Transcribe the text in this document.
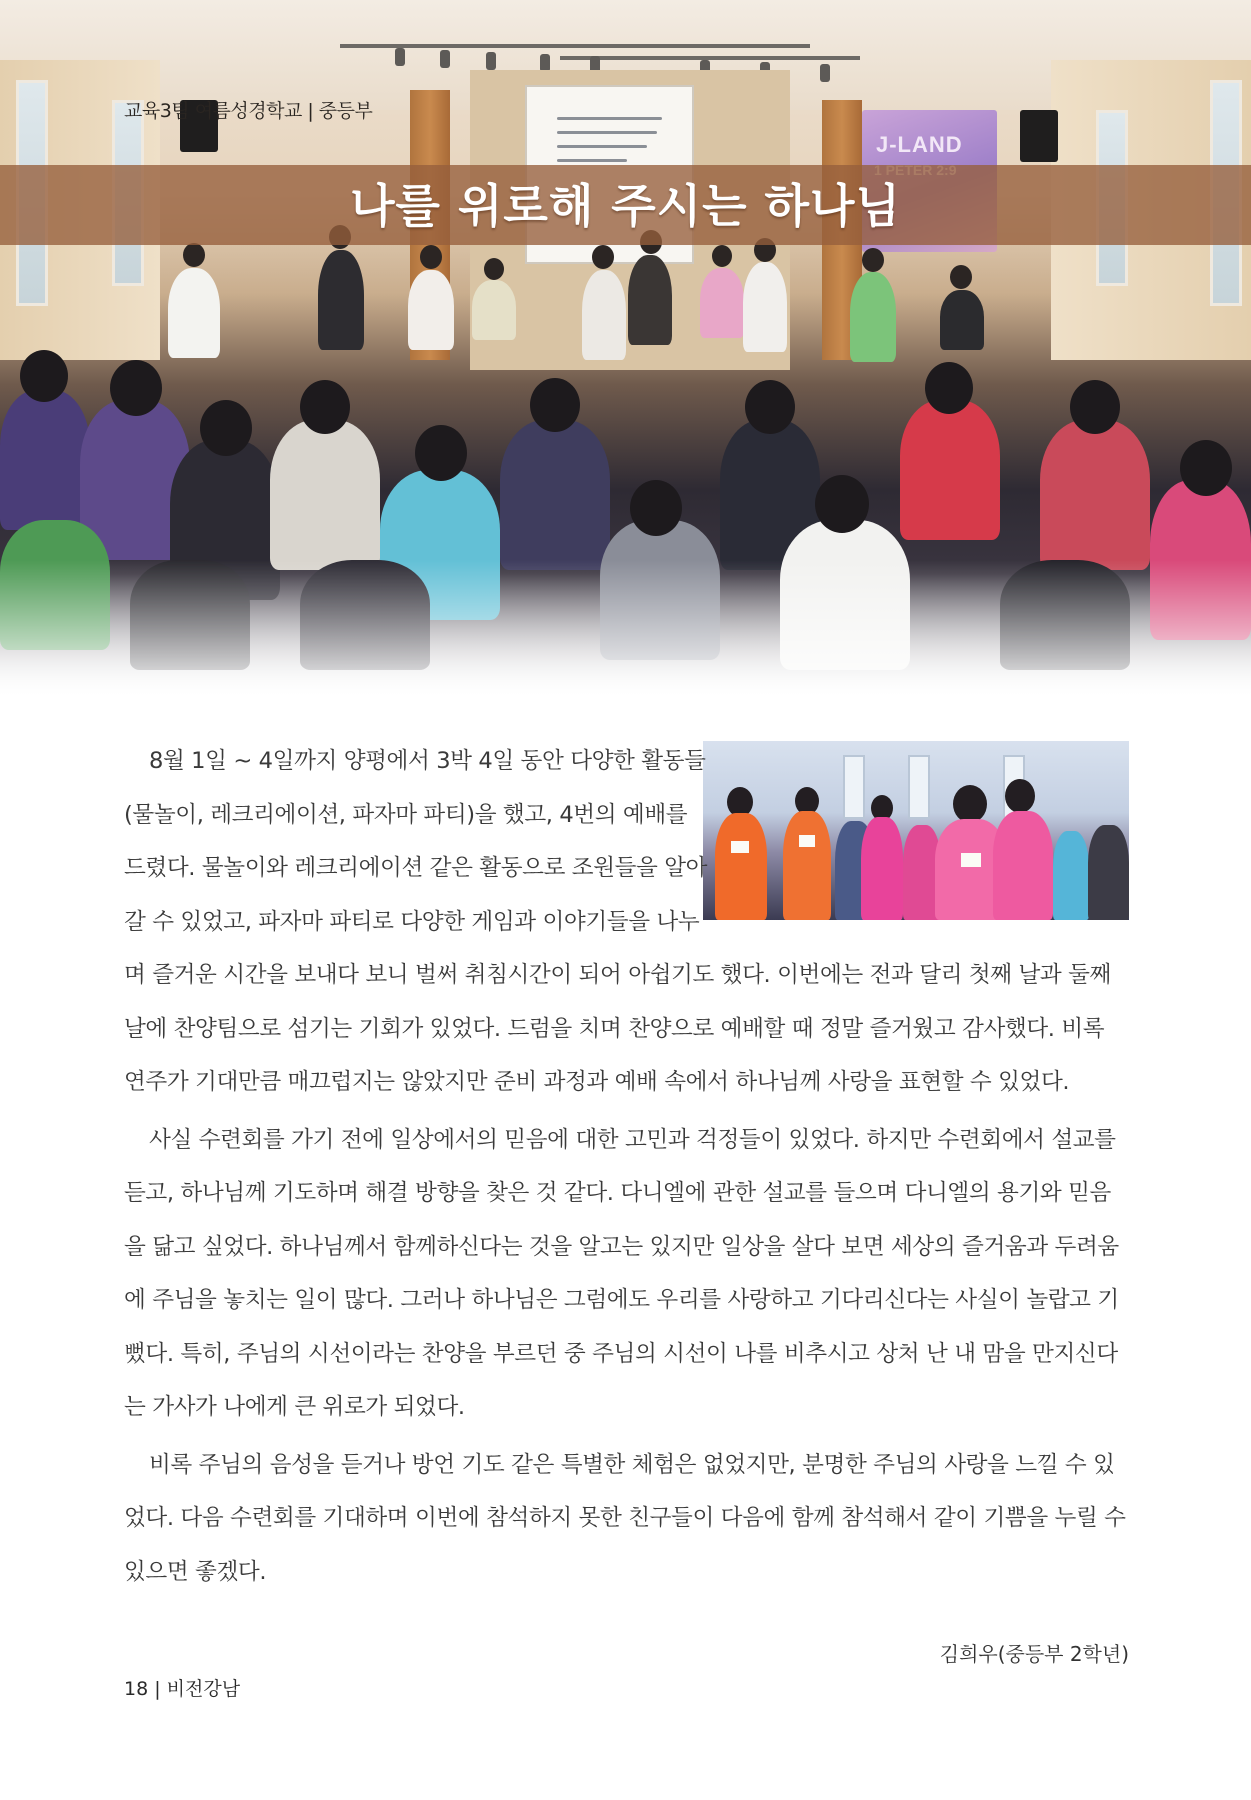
J-LAND
교육3팀 여름성경학교 | 중등부
나를 위로해 주시는 하나님

8월 1일 ~ 4일까지 양평에서 3박 4일 동안 다양한 활동들(물놀이, 레크리에이션, 파자마 파티)을 했고, 4번의 예배를 드렸다. 물놀이와 레크리에이션 같은 활동으로 조원들을 알아갈 수 있었고, 파자마 파티로 다양한 게임과 이야기들을 나누며 즐거운 시간을 보내다 보니 벌써 취침시간이 되어 아쉽기도 했다. 이번에는 전과 달리 첫째 날과 둘째 날에 찬양팀으로 섬기는 기회가 있었다. 드럼을 치며 찬양으로 예배할 때 정말 즐거웠고 감사했다. 비록 연주가 기대만큼 매끄럽지는 않았지만 준비 과정과 예배 속에서 하나님께 사랑을 표현할 수 있었다.

사실 수련회를 가기 전에 일상에서의 믿음에 대한 고민과 걱정들이 있었다. 하지만 수련회에서 설교를 듣고, 하나님께 기도하며 해결 방향을 찾은 것 같다. 다니엘에 관한 설교를 들으며 다니엘의 용기와 믿음을 닮고 싶었다. 하나님께서 함께하신다는 것을 알고는 있지만 일상을 살다 보면 세상의 즐거움과 두려움에 주님을 놓치는 일이 많다. 그러나 하나님은 그럼에도 우리를 사랑하고 기다리신다는 사실이 놀랍고 기뻤다. 특히, 주님의 시선이라는 찬양을 부르던 중 주님의 시선이 나를 비추시고 상처 난 내 맘을 만지신다는 가사가 나에게 큰 위로가 되었다.

비록 주님의 음성을 듣거나 방언 기도 같은 특별한 체험은 없었지만, 분명한 주님의 사랑을 느낄 수 있었다. 다음 수련회를 기대하며 이번에 참석하지 못한 친구들이 다음에 함께 참석해서 같이 기쁨을 누릴 수 있으면 좋겠다.

김희우(중등부 2학년)
18 | 비전강남
